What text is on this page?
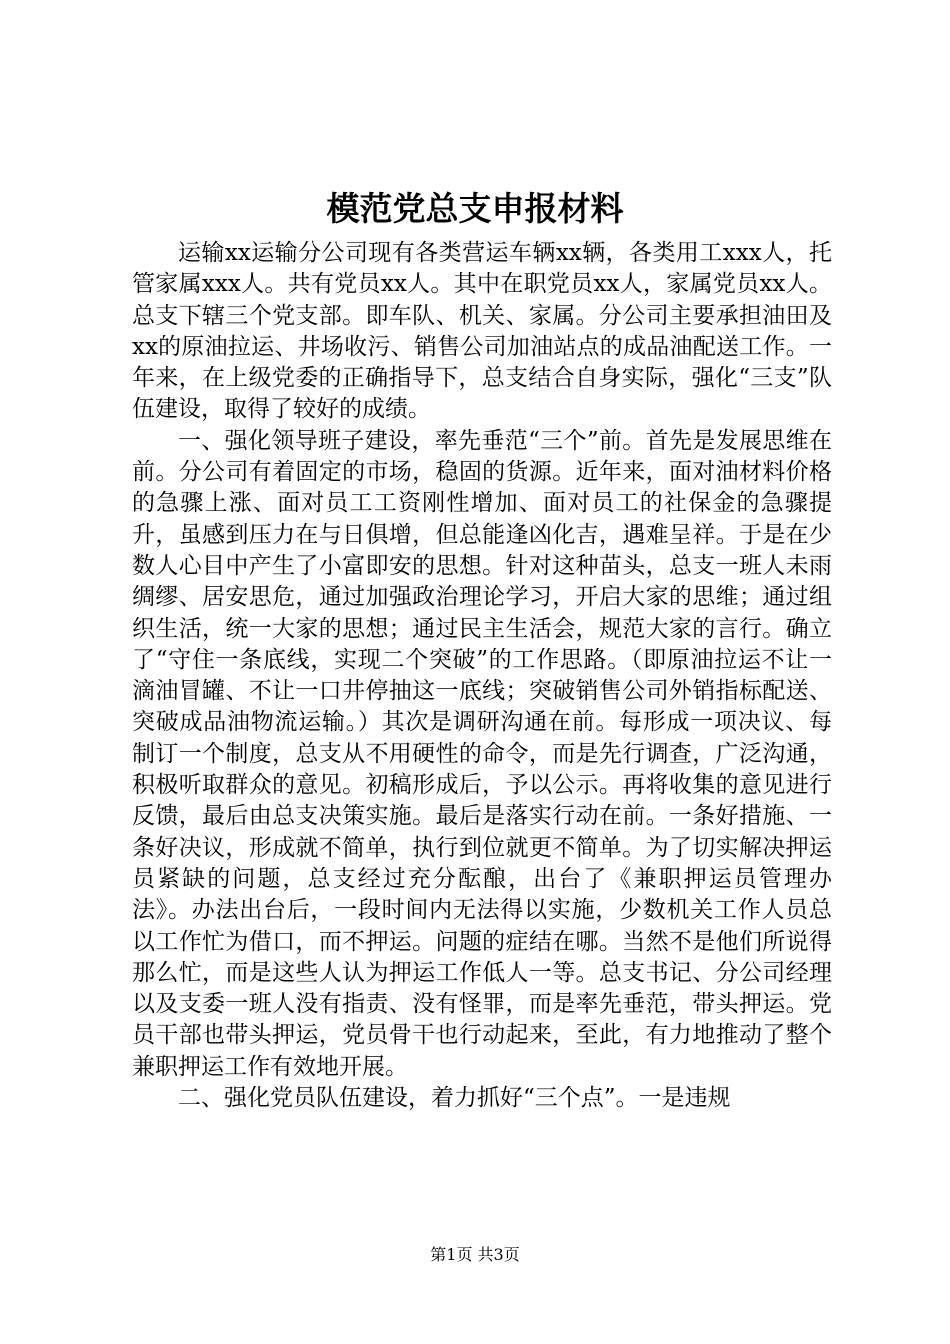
模范党总支申报材料

运输xx运输分公司现有各类营运车辆xx辆，各类用工xxx人，托管家属xxx人。共有党员xx人。其中在职党员xx人，家属党员xx人。总支下辖三个党支部。即车队、机关、家属。分公司主要承担油田及xx的原油拉运、井场收污、销售公司加油站点的成品油配送工作。一年来，在上级党委的正确指导下，总支结合自身实际，强化“三支”队伍建设，取得了较好的成绩。

一、强化领导班子建设，率先垂范“三个”前。首先是发展思维在前。分公司有着固定的市场，稳固的货源。近年来，面对油材料价格的急骤上涨、面对员工工资刚性增加、面对员工的社保金的急骤提升，虽感到压力在与日俱增，但总能逢凶化吉，遇难呈祥。于是在少数人心目中产生了小富即安的思想。针对这种苗头，总支一班人未雨绸缪、居安思危，通过加强政治理论学习，开启大家的思维；通过组织生活，统一大家的思想；通过民主生活会，规范大家的言行。确立了“守住一条底线，实现二个突破”的工作思路。（即原油拉运不让一滴油冒罐、不让一口井停抽这一底线；突破销售公司外销指标配送、突破成品油物流运输。）其次是调研沟通在前。每形成一项决议、每制订一个制度，总支从不用硬性的命令，而是先行调查，广泛沟通，积极听取群众的意见。初稿形成后，予以公示。再将收集的意见进行反馈，最后由总支决策实施。最后是落实行动在前。一条好措施、一条好决议，形成就不简单，执行到位就更不简单。为了切实解决押运员紧缺的问题，总支经过充分酝酿，出台了《兼职押运员管理办法》。办法出台后，一段时间内无法得以实施，少数机关工作人员总以工作忙为借口，而不押运。问题的症结在哪。当然不是他们所说得那么忙，而是这些人认为押运工作低人一等。总支书记、分公司经理以及支委一班人没有指责、没有怪罪，而是率先垂范，带头押运。党员干部也带头押运，党员骨干也行动起来，至此，有力地推动了整个兼职押运工作有效地开展。

二、强化党员队伍建设，着力抓好“三个点”。一是违规

第1页 共3页
